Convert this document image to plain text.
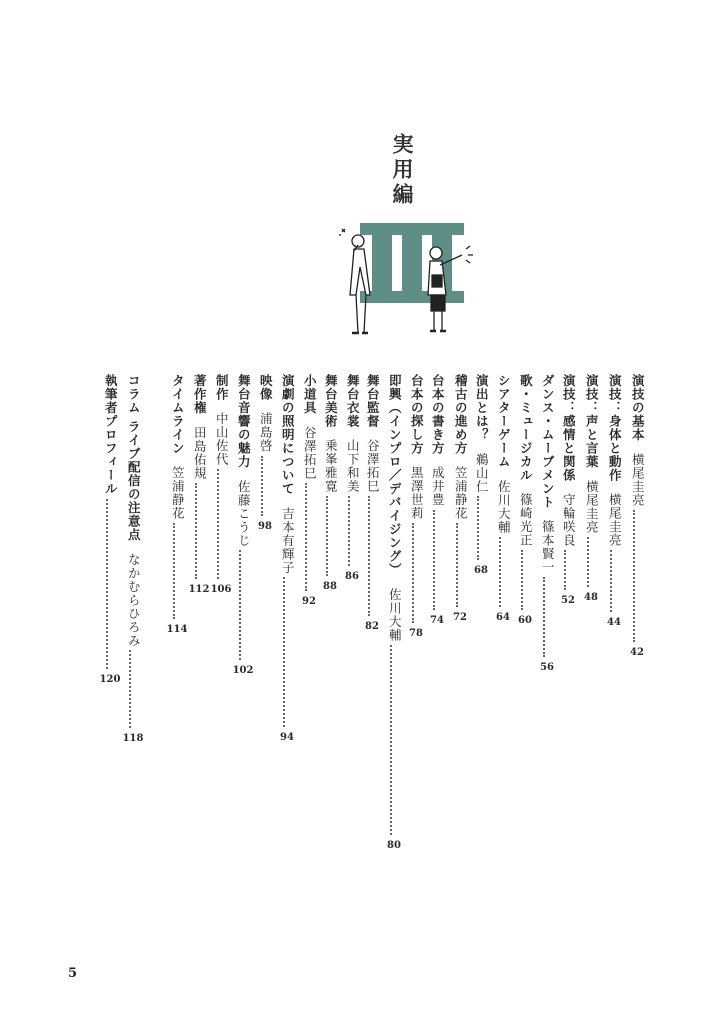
実用編
演技の基本
横尾圭亮
42
演技：身体と動作
横尾圭亮
44
演技：声と言葉
横尾圭亮
48
演技：感情と関係
守輪咲良
52
ダンス・ムーブメント
篠本賢一
56
歌・ミュージカル
篠崎光正
60
シアターゲーム
佐川大輔
64
演出とは？
鵜山仁
68
稽古の進め方
笠浦静花
72
台本の書き方
成井豊
74
台本の探し方
黒澤世莉
78
即興（インプロ／デバイジング）
佐川大輔
80
舞台監督
谷澤拓巳
82
舞台衣裳
山下和美
86
舞台美術
乗峯雅寛
88
小道具
谷澤拓巳
92
演劇の照明について
吉本有輝子
94
映像
浦島啓
98
舞台音響の魅力
佐藤こうじ
102
制作
中山佐代
106
著作権
田島佑規
112
タイムライン
笠浦静花
114
コラム ライブ配信の注意点
なかむらひろみ
118
執筆者プロフィール
120
5
